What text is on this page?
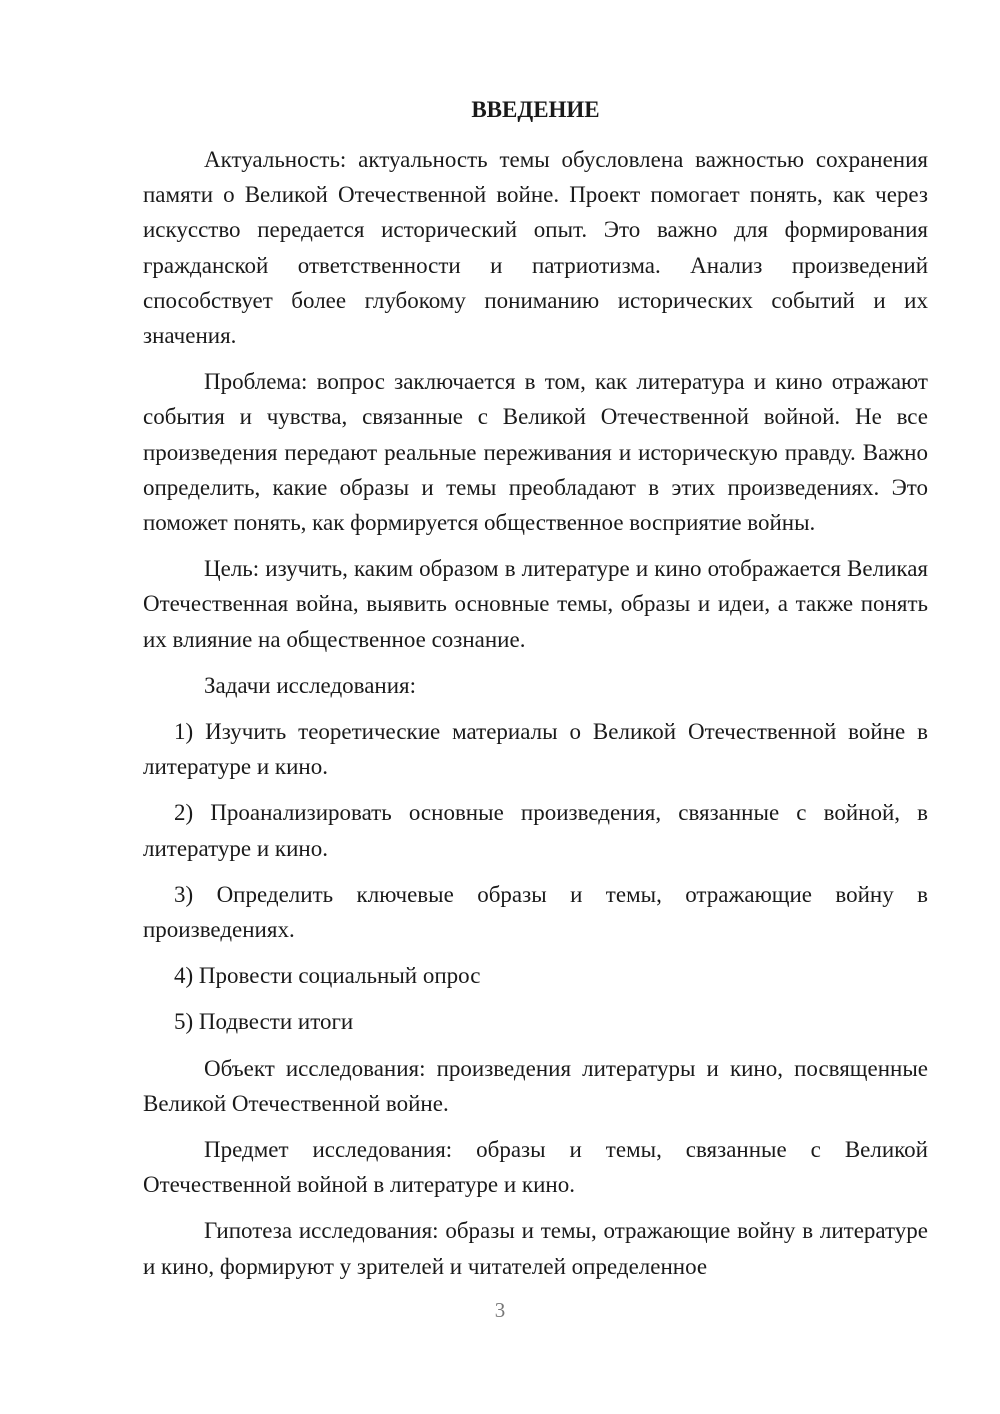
ВВЕДЕНИЕ

Актуальность: актуальность темы обусловлена важностью сохранения памяти о Великой Отечественной войне. Проект помогает понять, как через искусство передается исторический опыт. Это важно для формирования гражданской ответственности и патриотизма. Анализ произведений способствует более глубокому пониманию исторических событий и их значения.

Проблема: вопрос заключается в том, как литература и кино отражают события и чувства, связанные с Великой Отечественной войной. Не все произведения передают реальные переживания и историческую правду. Важно определить, какие образы и темы преобладают в этих произведениях. Это поможет понять, как формируется общественное восприятие войны.

Цель: изучить, каким образом в литературе и кино отображается Великая Отечественная война, выявить основные темы, образы и идеи, а также понять их влияние на общественное сознание.

Задачи исследования:

1) Изучить теоретические материалы о Великой Отечественной войне в литературе и кино.

2) Проанализировать основные произведения, связанные с войной, в литературе и кино.

3) Определить ключевые образы и темы, отражающие войну в произведениях.

4) Провести социальный опрос

5) Подвести итоги

Объект исследования: произведения литературы и кино, посвященные Великой Отечественной войне.

Предмет исследования: образы и темы, связанные с Великой Отечественной войной в литературе и кино.

Гипотеза исследования: образы и темы, отражающие войну в литературе и кино, формируют у зрителей и читателей определенное

3
